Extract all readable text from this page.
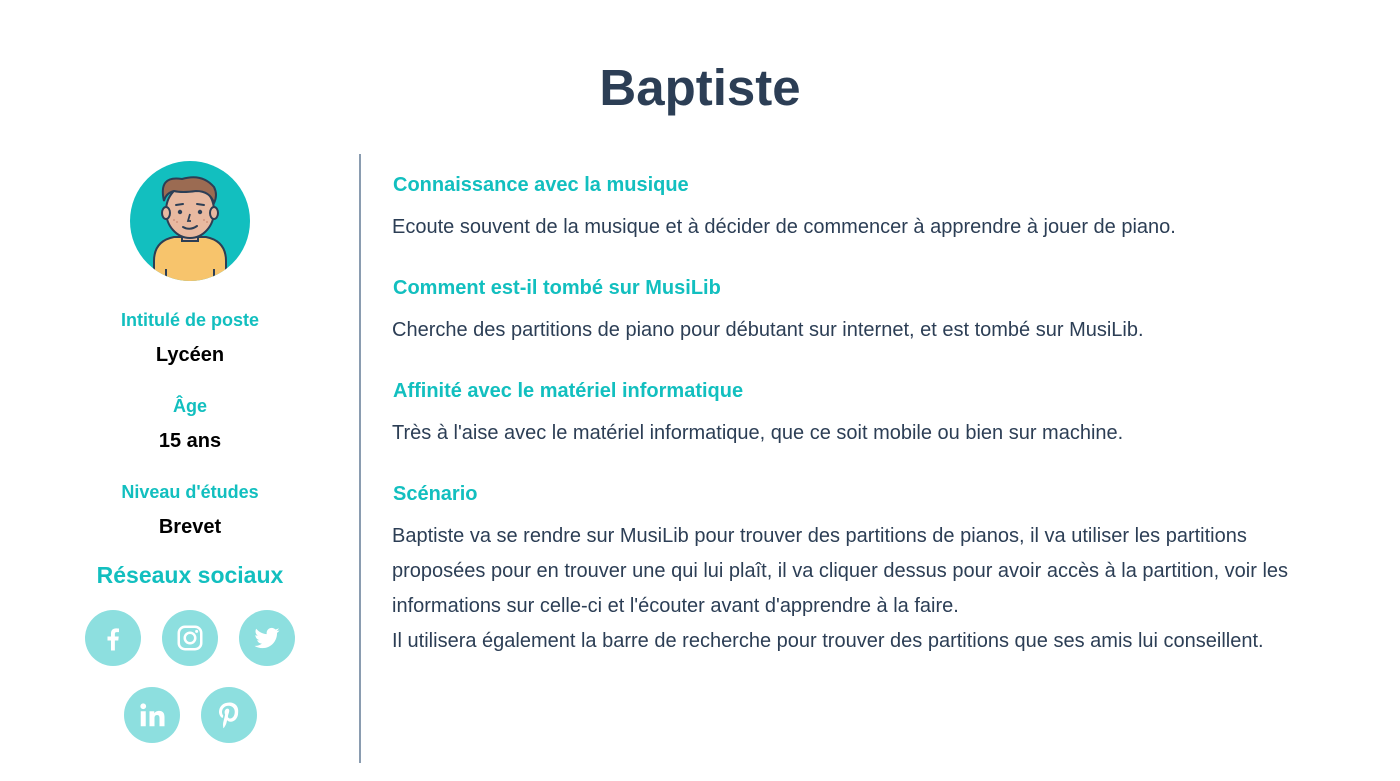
Baptiste
Intitulé de poste
Lycéen
Âge
15 ans
Niveau d'études
Brevet
Réseaux sociaux
Connaissance avec la musique

Ecoute souvent de la musique et à décider de commencer à apprendre à jouer de piano.

Comment est-il tombé sur MusiLib

Cherche des partitions de piano pour débutant sur internet, et est tombé sur MusiLib.

Affinité avec le matériel informatique

Très à l'aise avec le matériel informatique, que ce soit mobile ou bien sur machine.

Scénario

Baptiste va se rendre sur MusiLib pour trouver des partitions de pianos, il va utiliser les partitions proposées pour en trouver une qui lui plaît, il va cliquer dessus pour avoir accès à la partition, voir les informations sur celle-ci et l'écouter avant d'apprendre à la faire.

Il utilisera également la barre de recherche pour trouver des partitions que ses amis lui conseillent.
